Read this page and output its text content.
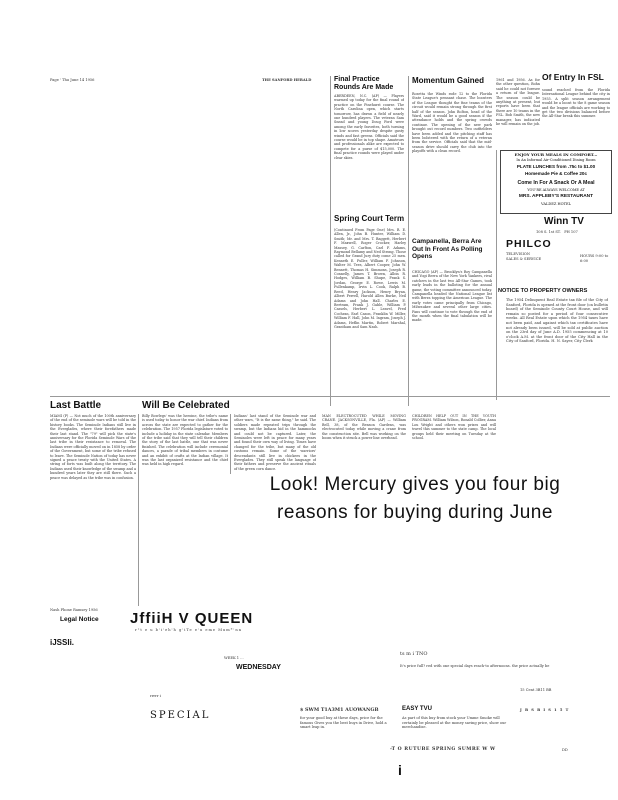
Page ' Thu June 14 1956	THE SANFORD HERALD	Final Practice Rounds Are Made
ABERDEEN, N.C. (AP) — Players warmed up today for the final round of practice on the Pinehurst course. The North Carolina open, which starts tomorrow, has drawn a field of nearly one hundred players. The veteran Sam Snead and young Doug Ford were among the early favorites, both turning in low scores yesterday despite gusty winds and fast greens. Officials said the course would be in top shape. Amateurs and professionals alike are expected to compete for a purse of $15,000. The final practice rounds were played under clear skies.
Spring Court Term
(Continued From Page One) Mrs. R. E. Allen, Jr., John B. Hunter, William D. Smith; Mr. and Mrs. T. Baggett, Herbert F. Maxwell, Roger Crocker, Harley Massey, G. Carlton, Carl F. Adams, Raymond Bellamy and Ned Strong. Those called for Grand Jury duty come 25 men. Kenneth E. Fuller, William F. Johnson, Walter M. Tees, Albert Cooper, John W. Bennett, Thomas H. Simmons, Joseph R. Connelly, James T. Brown, Albin R. Hodges, William B. Shupe, Frank S. Jordan, George E. Rowe, Lewis M. Fullenkamp, Irvin L. Cook, Ralph B. Reed, Henry Jackson, Henry Bryan, Albert Ferrell, Harold Allen Burke, Neil Adams and John Hall. Charles E. Bertram, Frank J. Gable, William P. Cassels, Herbert L. Leavel, Fred Cochran, Earl Cason, Franklin W. Miller, William F. Hall, John M. Ingram, Joseph J. Adams, Heflin Martin, Robert Marshal, Grantham and Sam Nash.
Momentum Gained
Rosetta the Winds rode 12 to the Florida State League's pennant chase. The boosters of the League thought the fine teams of the circuit would remain strong through the first half of the season. John Bolton, head of the Ward, said it would be a good season if the attendance holds and the spring crowds continue. The opening of the new park brought out record numbers. Two outfielders have been added and the pitching staff has been bolstered with the return of a veteran from the service. Officials said that the mid-season drive should carry the club into the playoffs with a clean record.
Campanella, Berra Are Out In Front As Polling Opens
CHICAGO (AP) — Brooklyn's Roy Campanella and Yogi Berra of the New York Yankees, rival catchers in the last two All-Star Games, took early leads in the balloting for the annual game, the voting committee announced today. Campanella headed the National League list with Berra topping the American League. The early votes came principally from Chicago, Milwaukee and several other large cities. Fans will continue to vote through the end of the month when the final tabulation will be made.
1961 and 1956. As for the other question, Bohn said he could not foresee a return of the league. The season could be anything at present, but reports have been that there are 10 teams in the FSL. Bob Smith, the new manager, has indicated he will remain on the job.
Of Entry In FSL
sound reached from the Florida International League behind the city in 1955. A split season arrangement would be a boost to the 8 game season and the league officials are working to get the two divisions balanced before the All-Star break this summer.
ENJOY YOUR MEALS IN COMFORT...
In An Informal Air-Conditioned Dining Room
PLATE LUNCHES from .75c to $1.00
Homemade Pie & Coffee 20c
Come In For A Snack Or A Meal
YOU'RE ALWAYS WELCOME AT
MRS. APPLEBY'S RESTAURANT
VALDEZ HOTEL
Winn TV
108 S. 1st ST.   PH 107
PHILCO
TELEVISION
SALES & SERVICE
HOURS 9:00 to 6:00
NOTICE TO PROPERTY OWNERS
The 1954 Delinquent Real Estate tax file of the City of Sanford, Florida is opened at the front door (on bulletin board) of the Seminole County Court House, and will remain so posted for a period of four consecutive weeks. All Real Estate upon which the 1954 taxes have not been paid, and against which tax certificates have not already been issued, will be sold at public auction on the 23rd day of June A.D. 1955 commencing at 10 o'clock A.M. at the front door of the City Hall in the City of Sanford, Florida. H. N. Sayer, City Clerk
Last Battle	Will Be Celebrated
MIAMI (P) — Not much of the 100th anniversary of the end of the seminole wars will be told in the history books. The Seminole Indians still live in the Everglades, where their forefathers made their last stand. The "79" will pick the state's anniversary for the Florida Seminole Wars of the last tribe in their resistance to removal. The Indians were officially moved on in 1858 by order of the Government, but some of the tribe refused to leave. The Seminole Nation of today has never signed a peace treaty with the United States. A string of forts was built along the territory. The Indians used their knowledge of the swamp and a hundred years later they are still there. Such a peace was delayed as the tribe was in confusion.
Billy Bowlegs' was the heroine, the tribe's name is used today to honor the war chief. Indians from across the state are expected to gather for the celebration. The 1957 Florida legislature voted to include a holiday in the state calendar. Members of the tribe said that they will tell their children the story of the last battle, one that was never finished. The celebration will include ceremonial dances, a parade of tribal members in costume and an exhibit of crafts at the Indian village. It was the last organized resistance and the chief was held in high regard.
Indians' last stand of the Seminole war and other wars, "It is the same thing," he said. The soldiers made repeated trips through the swamp, but the Indians hid in the hammocks and could not be captured. Later, the Seminoles were left in peace for many years and found their own way of living. Times have changed for the tribe, but many of the old customs remain. Some of the warriors' descendants still live in chickees in the Everglades. They still speak the language of their fathers and preserve the ancient rituals of the green corn dance.
MAN ELECTROCUTED WHILE MOVING CRANE. JACKSONVILLE, Fla. (AP) — William Bell, 38, of the Benson Gardens, was electrocuted today while moving a crane from the construction site. Bell was working on the boom when it struck a power line overhead.
CHILDREN HELP OUT IN THE YOUTH PROGRAM. William Wilson, Ronald Collier, Anna Lou Wright and others won prizes and will travel this summer to the state camp. The local groups held their meeting on Tuesday at the school.
Look! Mercury gives you four big
reasons for buying during June
Nash Phone Ramsey 1956
Legal Notice JffiiH V QUEEN
r"t e u b'i'eh'h g'iTe e'u eme Mum*'nn
iJSSIi.
WEEK 1 ...
WEDNESDAY
SPECIAL
rrrrr i
ts m i TNO
It's price full? red with one special days reach-to afternoons. the price actually be
15 Cent 3B11 BB
$ SWM T1A3M1 AUOWANGB	EASY TVU
for your good buy at these days, price for the famous Gives you the best buys in Drive, hold a smart leap in.
As part of this buy from stock your Umme Smoke will certainly be pleased at the money saving price, show our merchandise.
J B S B I S 1 5 T
-T O RUTUBE SPRING SUMRE W W
i
DD
